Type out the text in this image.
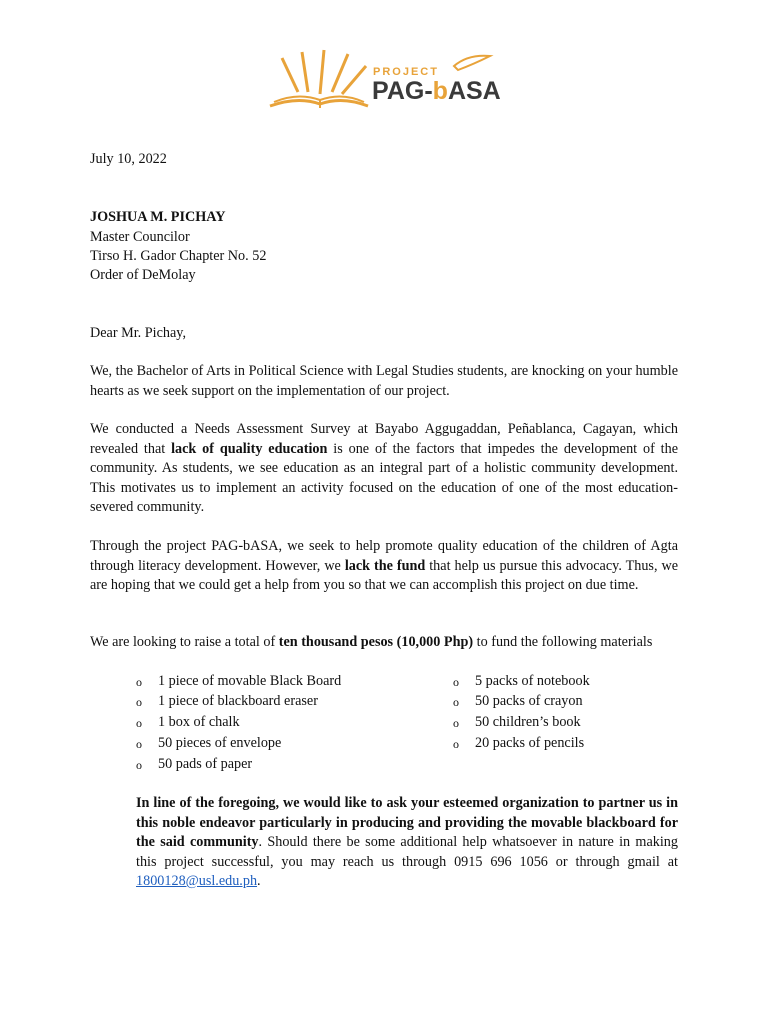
PROJECT
PAG-bASA
July 10, 2022
JOSHUA M. PICHAY
Master Councilor
Tirso H. Gador Chapter No. 52
Order of DeMolay
Dear Mr. Pichay,
We, the Bachelor of Arts in Political Science with Legal Studies students, are knocking on your humble hearts as we seek support on the implementation of our project.
We conducted a Needs Assessment Survey at Bayabo Aggugaddan, Peñablanca, Cagayan, which revealed that lack of quality education is one of the factors that impedes the development of the community. As students, we see education as an integral part of a holistic community development. This motivates us to implement an activity focused on the education of one of the most education-severed community.
Through the project PAG-bASA, we seek to help promote quality education of the children of Agta through literacy development. However, we lack the fund that help us pursue this advocacy. Thus, we are hoping that we could get a help from you so that we can accomplish this project on due time.
We are looking to raise a total of ten thousand pesos (10,000 Php) to fund the following materials
o 1 piece of movable Black Board
o 1 piece of blackboard eraser
o 1 box of chalk
o 50 pieces of envelope
o 50 pads of paper
o 5 packs of notebook
o 50 packs of crayon
o 50 children’s book
o 20 packs of pencils
In line of the foregoing, we would like to ask your esteemed organization to partner us in this noble endeavor particularly in producing and providing the movable blackboard for the said community. Should there be some additional help whatsoever in nature in making this project successful, you may reach us through 0915 696 1056 or through gmail at 1800128@usl.edu.ph.
